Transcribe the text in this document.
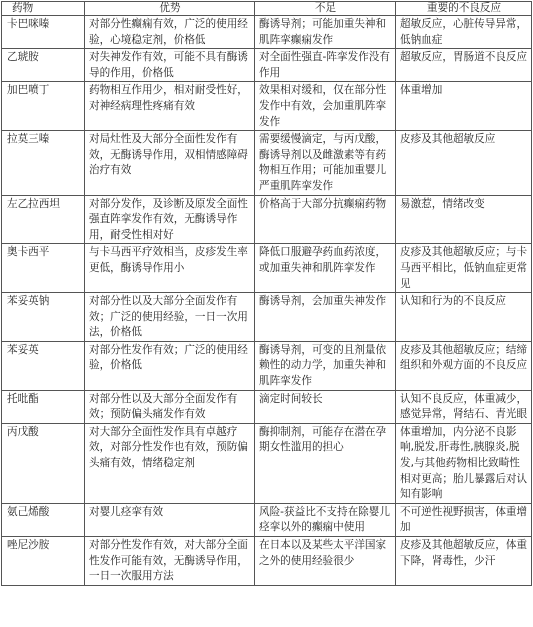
药物	优势	不足	重要的不良反应
卡巴咪嗪	对部分性癫痫有效，广泛的使用经验，心境稳定剂，价格低	酶诱导剂；可能加重失神和肌阵挛癫痫发作	超敏反应，心脏传导异常，低钠血症
乙琥胺	对失神发作有效，可能不具有酶诱导的作用，价格低	对全面性强直-阵挛发作没有作用	超敏反应，胃肠道不良反应
加巴喷丁	药物相互作用少，相对耐受性好，对神经病理性疼痛有效	效果相对缓和，仅在部分性发作中有效，会加重肌阵挛发作	体重增加
拉莫三嗪	对局灶性及大部分全面性发作有效，无酶诱导作用，双相情感障碍治疗有效	需要缓慢滴定，与丙戊酸，酶诱导剂以及雌激素等有药物相互作用；可能加重婴儿严重肌阵挛发作	皮疹及其他超敏反应
左乙拉西坦	对部分发作，及诊断及原发全面性强直阵挛发作有效，无酶诱导作用，耐受性相对好	价格高于大部分抗癫痫药物	易激惹，情绪改变
奥卡西平	与卡马西平疗效相当，皮疹发生率更低，酶诱导作用小	降低口服避孕药血药浓度，或加重失神和肌阵挛发作	皮疹及其他超敏反应；与卡马西平相比，低钠血症更常见
苯妥英钠	对部分性以及大部分全面发作有效；广泛的使用经验，一日一次用法，价格低	酶诱导剂，会加重失神发作	认知和行为的不良反应
苯妥英	对部分性发作有效；广泛的使用经验，价格低	酶诱导剂，可变的且剂量依赖性的动力学，加重失神和肌阵挛发作	皮疹及其他超敏反应；结缔组织和外观方面的不良反应
托吡酯	对部分性以及大部分全面发作有效；预防偏头痛发作有效	滴定时间较长	认知不良反应，体重减少，感觉异常，肾结石、青光眼
丙戊酸	对大部分全面性发作具有卓越疗效，对部分性发作也有效，预防偏头痛有效，情绪稳定剂	酶抑制剂，可能存在潜在孕期女性滥用的担心	体重增加，内分泌不良影响,脱发,肝毒性,胰腺炎,脱发,与其他药物相比致畸性相对更高；胎儿暴露后对认知有影响
氨己烯酸	对婴儿痉挛有效	风险-获益比不支持在除婴儿痉挛以外的癫痫中使用	不可逆性视野损害，体重增加
唑尼沙胺	对部分性发作有效，对大部分全面性发作可能有效，无酶诱导作用，一日一次服用方法	在日本以及某些太平洋国家之外的使用经验很少	皮疹及其他超敏反应，体重下降，肾毒性，少汗
